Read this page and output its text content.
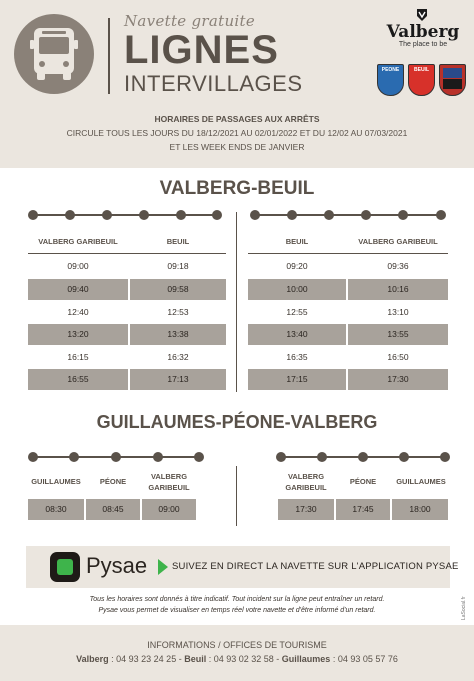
Navette gratuite
LIGNES
INTERVILLAGES
Valberg
The place to be
PEONE	BEUIL
HORAIRES DE PASSAGES AUX ARRÊTS
CIRCULE TOUS LES JOURS DU 18/12/2021 AU 02/01/2022 ET DU 12/02 AU 07/03/2021
ET LES WEEK ENDS DE JANVIER
VALBERG-BEUIL
VALBERG GARIBEUIL	BEUIL	BEUIL	VALBERG GARIBEUIL
09:00	09:18
09:40	09:58
12:40	12:53
13:20	13:38
16:15	16:32
16:55	17:13
09:20	09:36
10:00	10:16
12:55	13:10
13:40	13:55
16:35	16:50
17:15	17:30
GUILLAUMES-PÉONE-VALBERG
GUILLAUMES	PÉONE
VALBERG GARIBEUIL
08:30	08:45	09:00
VALBERG GARIBEUIL
PÉONE	GUILLAUMES
17:30	17:45	18:00
Pysae	SUIVEZ EN DIRECT LA NAVETTE SUR L'APPLICATION PYSAE
Tous les horaires sont donnés à titre indicatif. Tout incident sur la ligne peut entraîner un retard.
Pysae vous permet de visualiser en temps réel votre navette et d'être informé d'un retard.
INFORMATIONS / OFFICES DE TOURISME
Valberg : 04 93 23 24 25 - Beuil : 04 93 02 32 58 - Guillaumes : 04 93 05 57 76
LaSocial.fr
